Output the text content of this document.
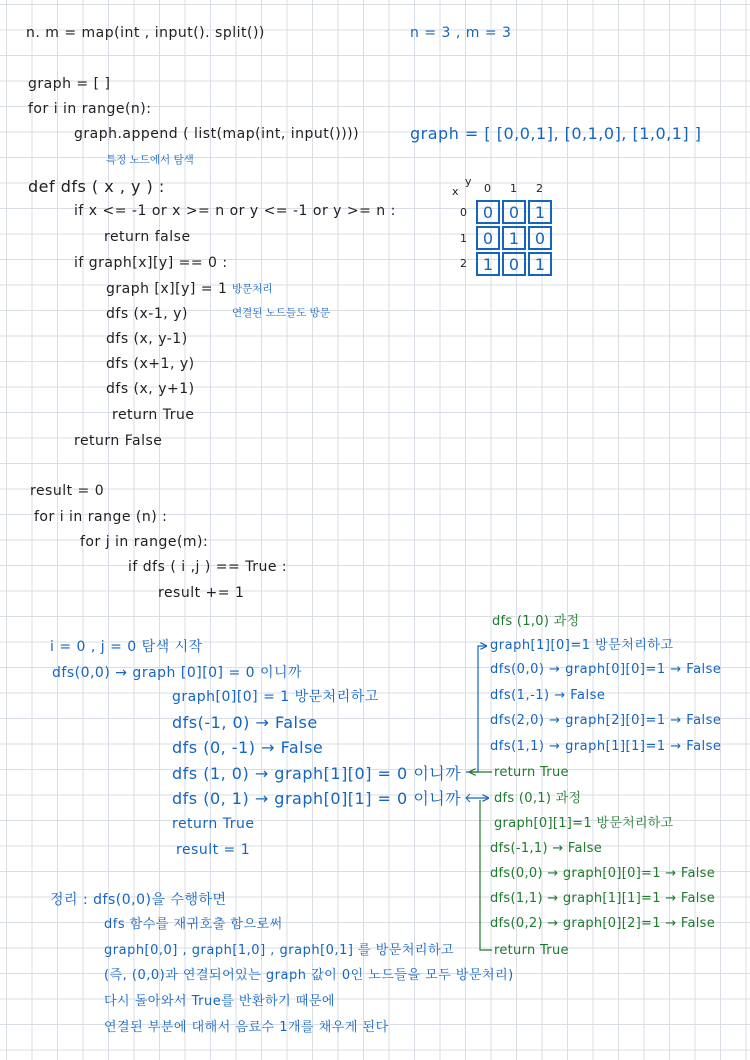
n. m = map(int , input(). split())	n = 3 , m = 3
graph = [ ]
for i in range(n):
graph.append ( list(map(int, input())))
특정 노드에서 탐색
def dfs ( x , y ) :
if x <= -1 or x >= n or y <= -1 or y >= n :
return false
if graph[x][y] == 0 :
graph [x][y] = 1 방문처리
dfs (x-1, y)	연결된 노드들도 방문
dfs (x, y-1)
dfs (x+1, y)
dfs (x, y+1)
return True
return False
result = 0
for i in range (n) :
for j in range(m):
if dfs ( i ,j ) == True :
result += 1
graph = [ [0,0,1], [0,1,0], [1,0,1] ]
x
y
0 1 2
0
1
2
0 0 1
0 1 0
1 0 1
i = 0 , j = 0 탐색 시작
dfs(0,0) → graph [0][0] = 0 이니까
graph[0][0] = 1 방문처리하고
dfs(-1, 0) → False
dfs (0, -1) → False
dfs (1, 0) → graph[1][0] = 0 이니까
dfs (0, 1) → graph[0][1] = 0 이니까
return True
result = 1
dfs (1,0) 과정
graph[1][0]=1 방문처리하고
dfs(0,0) → graph[0][0]=1 → False
dfs(1,-1) → False
dfs(2,0) → graph[2][0]=1 → False
dfs(1,1) → graph[1][1]=1 → False
return True
dfs (0,1) 과정
graph[0][1]=1 방문처리하고
dfs(-1,1) → False
dfs(0,0) → graph[0][0]=1 → False
dfs(1,1) → graph[1][1]=1 → False
dfs(0,2) → graph[0][2]=1 → False
return True
정리 : dfs(0,0)을 수행하면
dfs 함수를 재귀호출 함으로써
graph[0,0] , graph[1,0] , graph[0,1] 를 방문처리하고
(즉, (0,0)과 연결되어있는 graph 값이 0인 노드들을 모두 방문처리)
다시 돌아와서 True를 반환하기 때문에
연결된 부분에 대해서 음료수 1개를 채우게 된다
